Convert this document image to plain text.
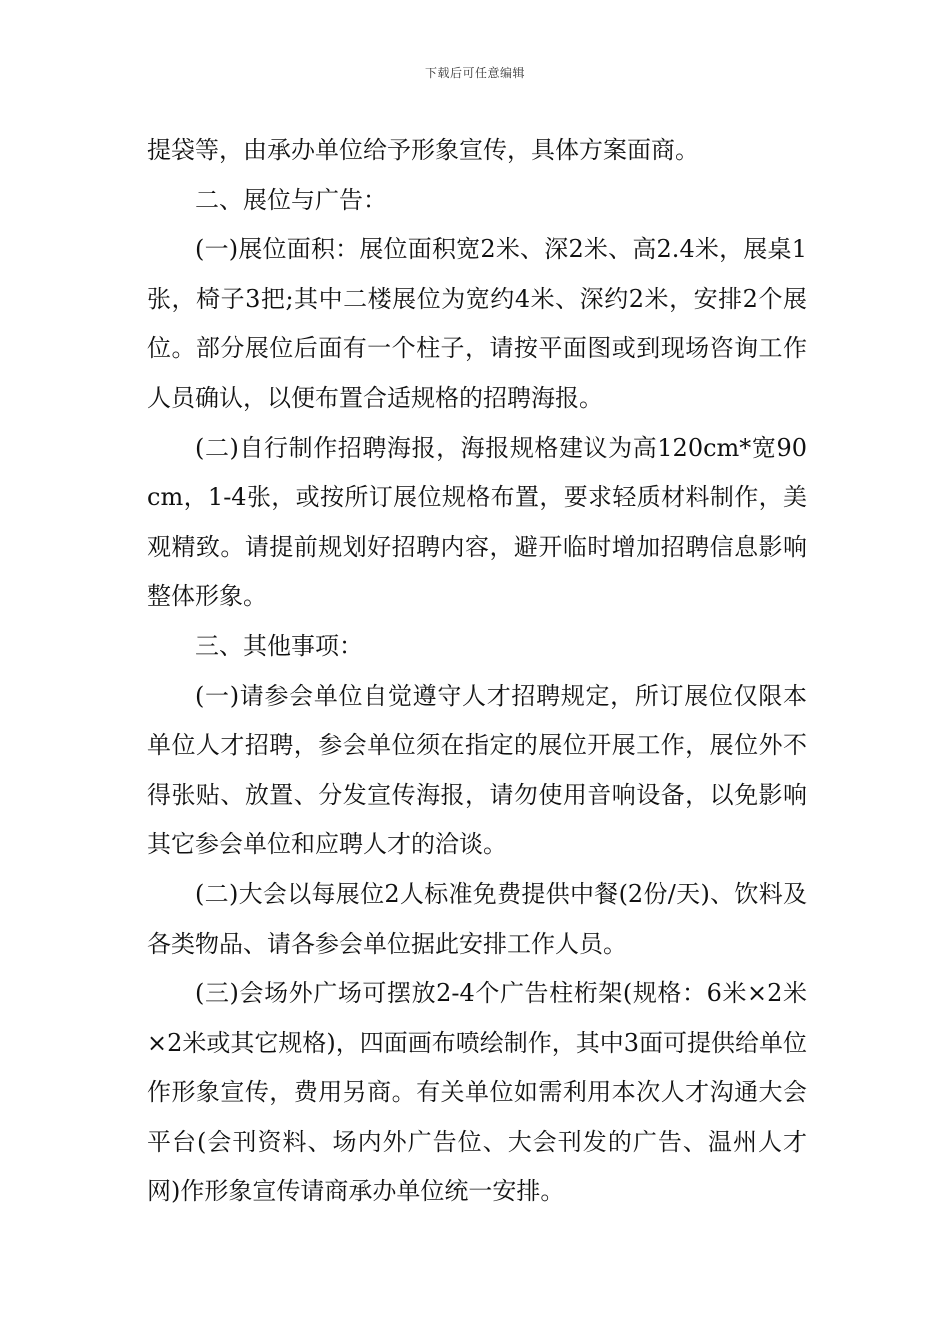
下载后可任意编辑

提袋等，由承办单位给予形象宣传，具体方案面商。

二、展位与广告：

(一)展位面积：展位面积宽2米、深2米、高2.4米，展桌1张，椅子3把;其中二楼展位为宽约4米、深约2米，安排2个展位。部分展位后面有一个柱子，请按平面图或到现场咨询工作人员确认，以便布置合适规格的招聘海报。

(二)自行制作招聘海报，海报规格建议为高120cm*宽90cm，1-4张，或按所订展位规格布置，要求轻质材料制作，美观精致。请提前规划好招聘内容，避开临时增加招聘信息影响整体形象。

三、其他事项：

(一)请参会单位自觉遵守人才招聘规定，所订展位仅限本单位人才招聘，参会单位须在指定的展位开展工作，展位外不得张贴、放置、分发宣传海报，请勿使用音响设备，以免影响其它参会单位和应聘人才的洽谈。

(二)大会以每展位2人标准免费提供中餐(2份/天)、饮料及各类物品、请各参会单位据此安排工作人员。

(三)会场外广场可摆放2-4个广告柱桁架(规格：6米×2米×2米或其它规格)，四面画布喷绘制作，其中3面可提供给单位作形象宣传，费用另商。有关单位如需利用本次人才沟通大会平台(会刊资料、场内外广告位、大会刊发的广告、温州人才网)作形象宣传请商承办单位统一安排。
